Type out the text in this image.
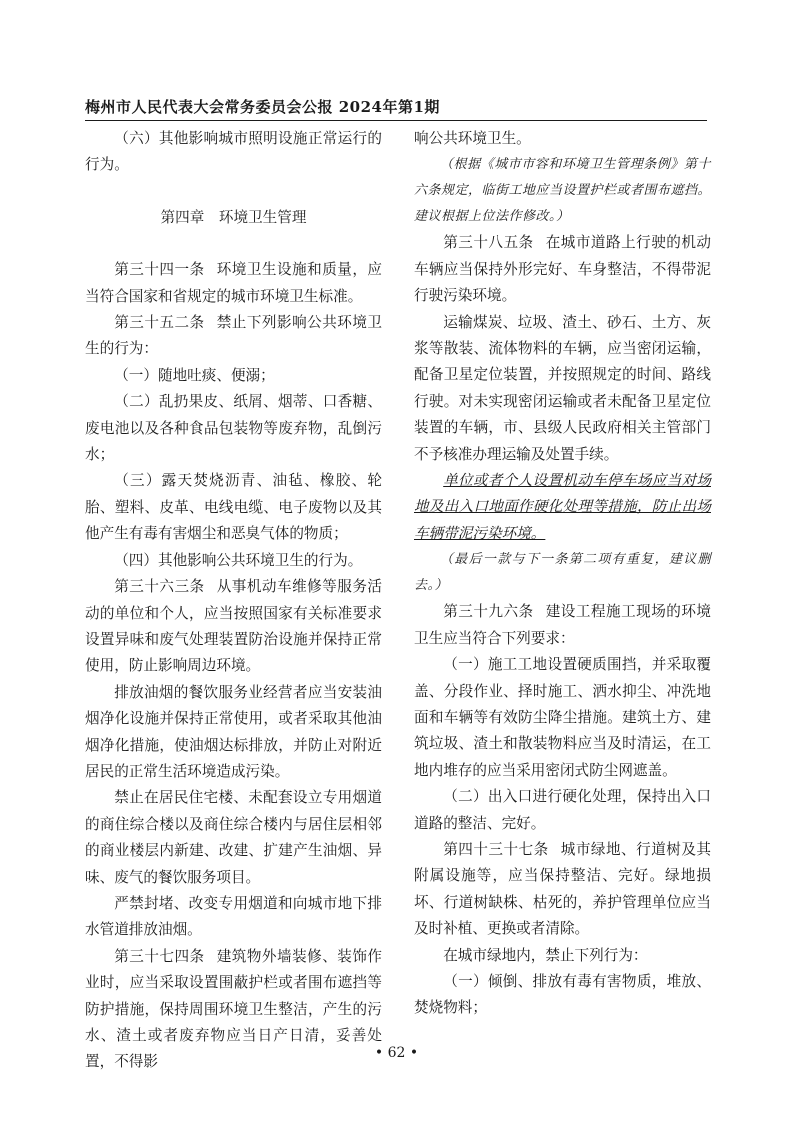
梅州市人民代表大会常务委员会公报 2024年第1期

（六）其他影响城市照明设施正常运行的行为。

第四章　环境卫生管理

第三十四一条 环境卫生设施和质量，应当符合国家和省规定的城市环境卫生标准。

第三十五二条 禁止下列影响公共环境卫生的行为：

（一）随地吐痰、便溺；

（二）乱扔果皮、纸屑、烟蒂、口香糖、废电池以及各种食品包装物等废弃物，乱倒污水；

（三）露天焚烧沥青、油毡、橡胶、轮胎、塑料、皮革、电线电缆、电子废物以及其他产生有毒有害烟尘和恶臭气体的物质；

（四）其他影响公共环境卫生的行为。

第三十六三条 从事机动车维修等服务活动的单位和个人，应当按照国家有关标准要求设置异味和废气处理装置防治设施并保持正常使用，防止影响周边环境。

排放油烟的餐饮服务业经营者应当安装油烟净化设施并保持正常使用，或者采取其他油烟净化措施，使油烟达标排放，并防止对附近居民的正常生活环境造成污染。

禁止在居民住宅楼、未配套设立专用烟道的商住综合楼以及商住综合楼内与居住层相邻的商业楼层内新建、改建、扩建产生油烟、异味、废气的餐饮服务项目。

严禁封堵、改变专用烟道和向城市地下排水管道排放油烟。

第三十七四条 建筑物外墙装修、装饰作业时，应当采取设置围蔽护栏或者围布遮挡等防护措施，保持周围环境卫生整洁，产生的污水、渣土或者废弃物应当日产日清，妥善处置，不得影

响公共环境卫生。

（根据《城市市容和环境卫生管理条例》第十六条规定，临街工地应当设置护栏或者围布遮挡。建议根据上位法作修改。）

第三十八五条 在城市道路上行驶的机动车辆应当保持外形完好、车身整洁，不得带泥行驶污染环境。

运输煤炭、垃圾、渣土、砂石、土方、灰浆等散装、流体物料的车辆，应当密闭运输，配备卫星定位装置，并按照规定的时间、路线行驶。对未实现密闭运输或者未配备卫星定位装置的车辆，市、县级人民政府相关主管部门不予核准办理运输及处置手续。

单位或者个人设置机动车停车场应当对场地及出入口地面作硬化处理等措施，防止出场车辆带泥污染环境。

（最后一款与下一条第二项有重复，建议删去。）

第三十九六条 建设工程施工现场的环境卫生应当符合下列要求：

（一）施工工地设置硬质围挡，并采取覆盖、分段作业、择时施工、洒水抑尘、冲洗地面和车辆等有效防尘降尘措施。建筑土方、建筑垃圾、渣土和散装物料应当及时清运，在工地内堆存的应当采用密闭式防尘网遮盖。

（二）出入口进行硬化处理，保持出入口道路的整洁、完好。

第四十三十七条 城市绿地、行道树及其附属设施等，应当保持整洁、完好。绿地损坏、行道树缺株、枯死的，养护管理单位应当及时补植、更换或者清除。

在城市绿地内，禁止下列行为：

（一）倾倒、排放有毒有害物质，堆放、焚烧物料；

• 62 •
